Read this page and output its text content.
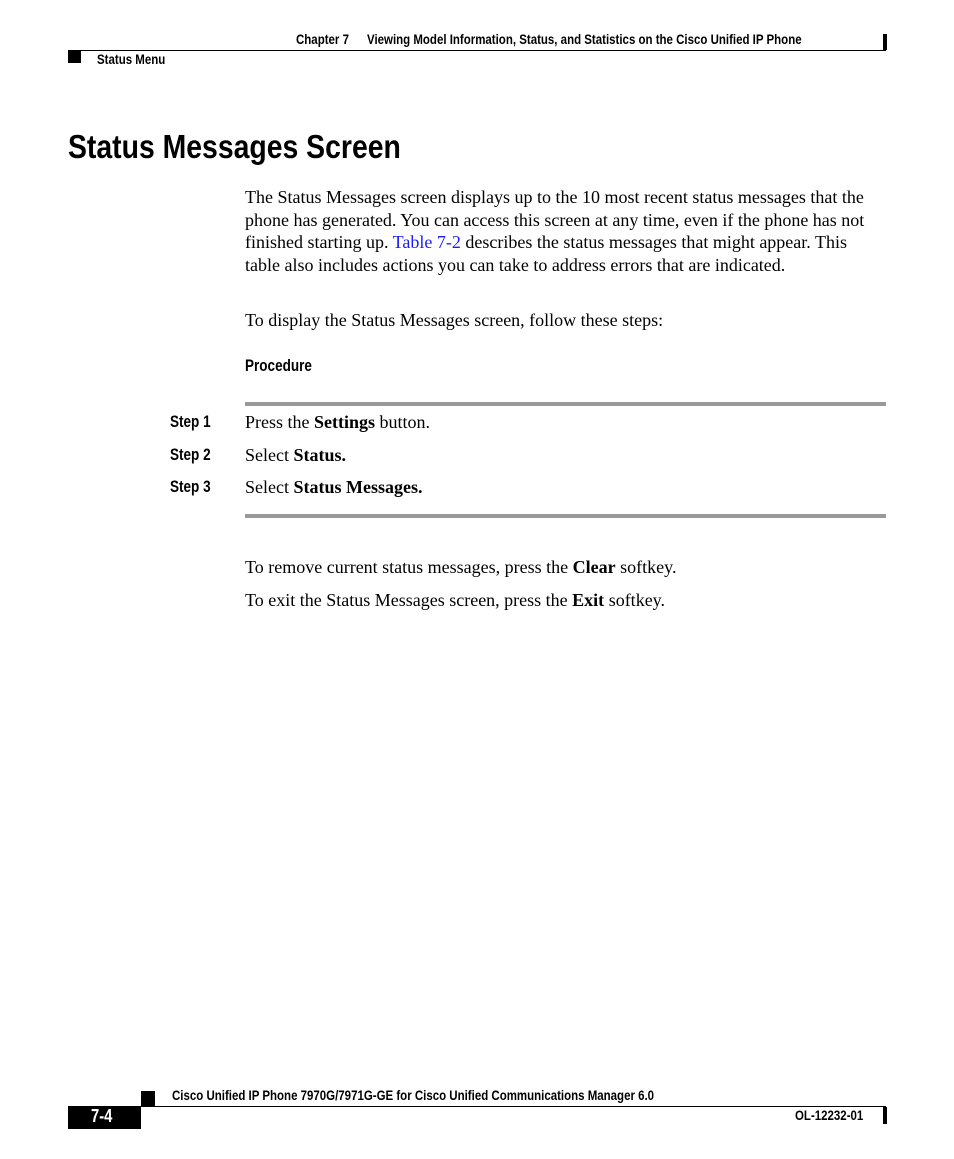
Chapter 7 Viewing Model Information, Status, and Statistics on the Cisco Unified IP Phone
Status Menu
Status Messages Screen
The Status Messages screen displays up to the 10 most recent status messages that the phone has generated. You can access this screen at any time, even if the phone has not finished starting up. Table 7-2 describes the status messages that might appear. This table also includes actions you can take to address errors that are indicated.
To display the Status Messages screen, follow these steps:
Procedure
Step 1 Press the Settings button.
Step 2 Select Status.
Step 3 Select Status Messages.
To remove current status messages, press the Clear softkey.
To exit the Status Messages screen, press the Exit softkey.
Cisco Unified IP Phone 7970G/7971G-GE for Cisco Unified Communications Manager 6.0
7-4	OL-12232-01
